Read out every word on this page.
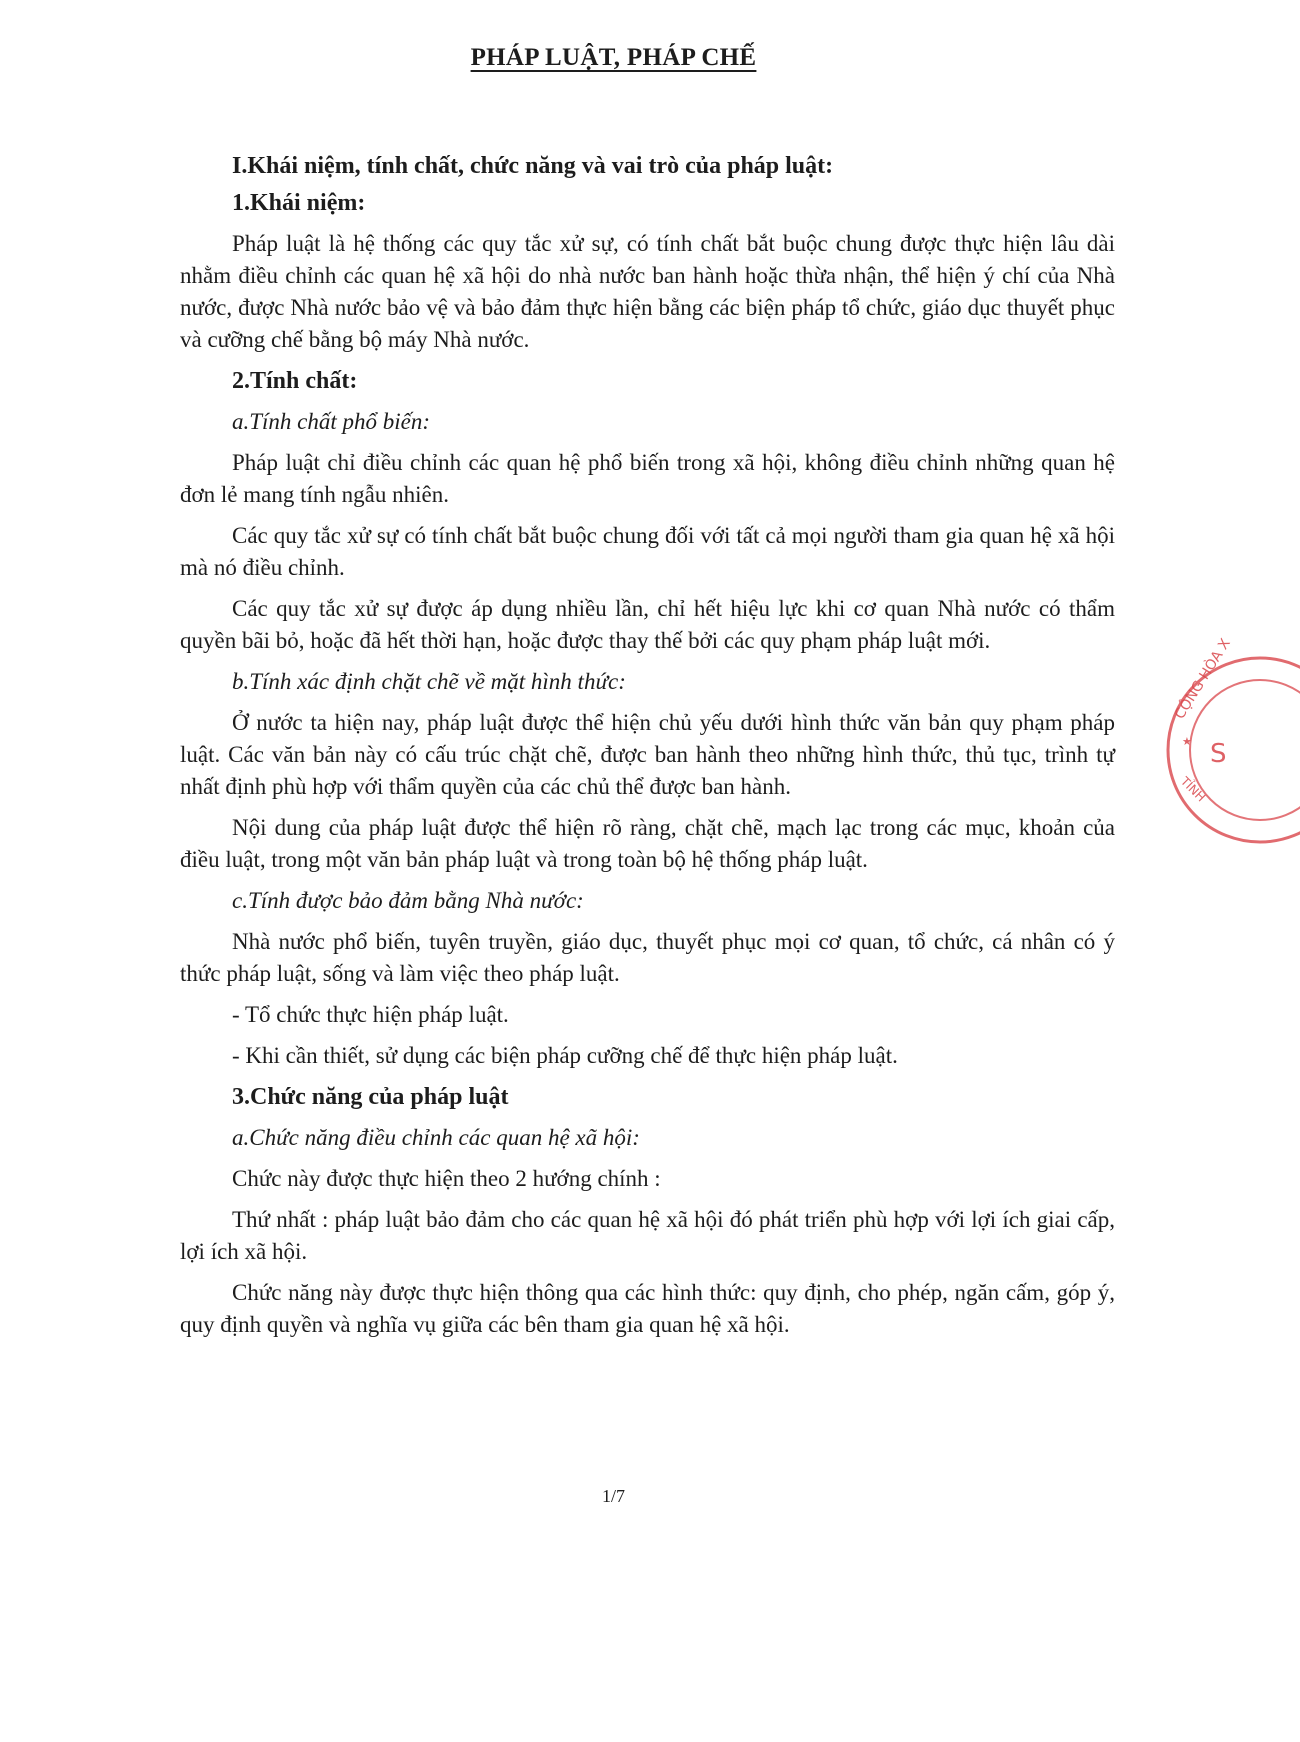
PHÁP LUẬT, PHÁP CHẾ

I.Khái niệm, tính chất, chức năng và vai trò của pháp luật:

1.Khái niệm:

Pháp luật là hệ thống các quy tắc xử sự, có tính chất bắt buộc chung được thực hiện lâu dài nhằm điều chỉnh các quan hệ xã hội do nhà nước ban hành hoặc thừa nhận, thể hiện ý chí của Nhà nước, được Nhà nước bảo vệ và bảo đảm thực hiện bằng các biện pháp tổ chức, giáo dục thuyết phục và cưỡng chế bằng bộ máy Nhà nước.

2.Tính chất:

a.Tính chất phổ biến:

Pháp luật chỉ điều chỉnh các quan hệ phổ biến trong xã hội, không điều chỉnh những quan hệ đơn lẻ mang tính ngẫu nhiên.

Các quy tắc xử sự có tính chất bắt buộc chung đối với tất cả mọi người tham gia quan hệ xã hội mà nó điều chỉnh.

Các quy tắc xử sự được áp dụng nhiều lần, chỉ hết hiệu lực khi cơ quan Nhà nước có thẩm quyền bãi bỏ, hoặc đã hết thời hạn, hoặc được thay thế bởi các quy phạm pháp luật mới.

b.Tính xác định chặt chẽ về mặt hình thức:

Ở nước ta hiện nay, pháp luật được thể hiện chủ yếu dưới hình thức văn bản quy phạm pháp luật. Các văn bản này có cấu trúc chặt chẽ, được ban hành theo những hình thức, thủ tục, trình tự nhất định phù hợp với thẩm quyền của các chủ thể được ban hành.

Nội dung của pháp luật được thể hiện rõ ràng, chặt chẽ, mạch lạc trong các mục, khoản của điều luật, trong một văn bản pháp luật và trong toàn bộ hệ thống pháp luật.

c.Tính được bảo đảm bằng Nhà nước:

Nhà nước phổ biến, tuyên truyền, giáo dục, thuyết phục mọi cơ quan, tổ chức, cá nhân có ý thức pháp luật, sống và làm việc theo pháp luật.

- Tổ chức thực hiện pháp luật.

- Khi cần thiết, sử dụng các biện pháp cưỡng chế để thực hiện pháp luật.

3.Chức năng của pháp luật

a.Chức năng điều chỉnh các quan hệ xã hội:

Chức này được thực hiện theo 2 hướng chính :

Thứ nhất : pháp luật bảo đảm cho các quan hệ xã hội đó phát triển phù hợp với lợi ích giai cấp, lợi ích xã hội.

Chức năng này được thực hiện thông qua các hình thức: quy định, cho phép, ngăn cấm, góp ý, quy định quyền và nghĩa vụ giữa các bên tham gia quan hệ xã hội.

1/7
CỘNG HÒA X
TỈNH
S
★
